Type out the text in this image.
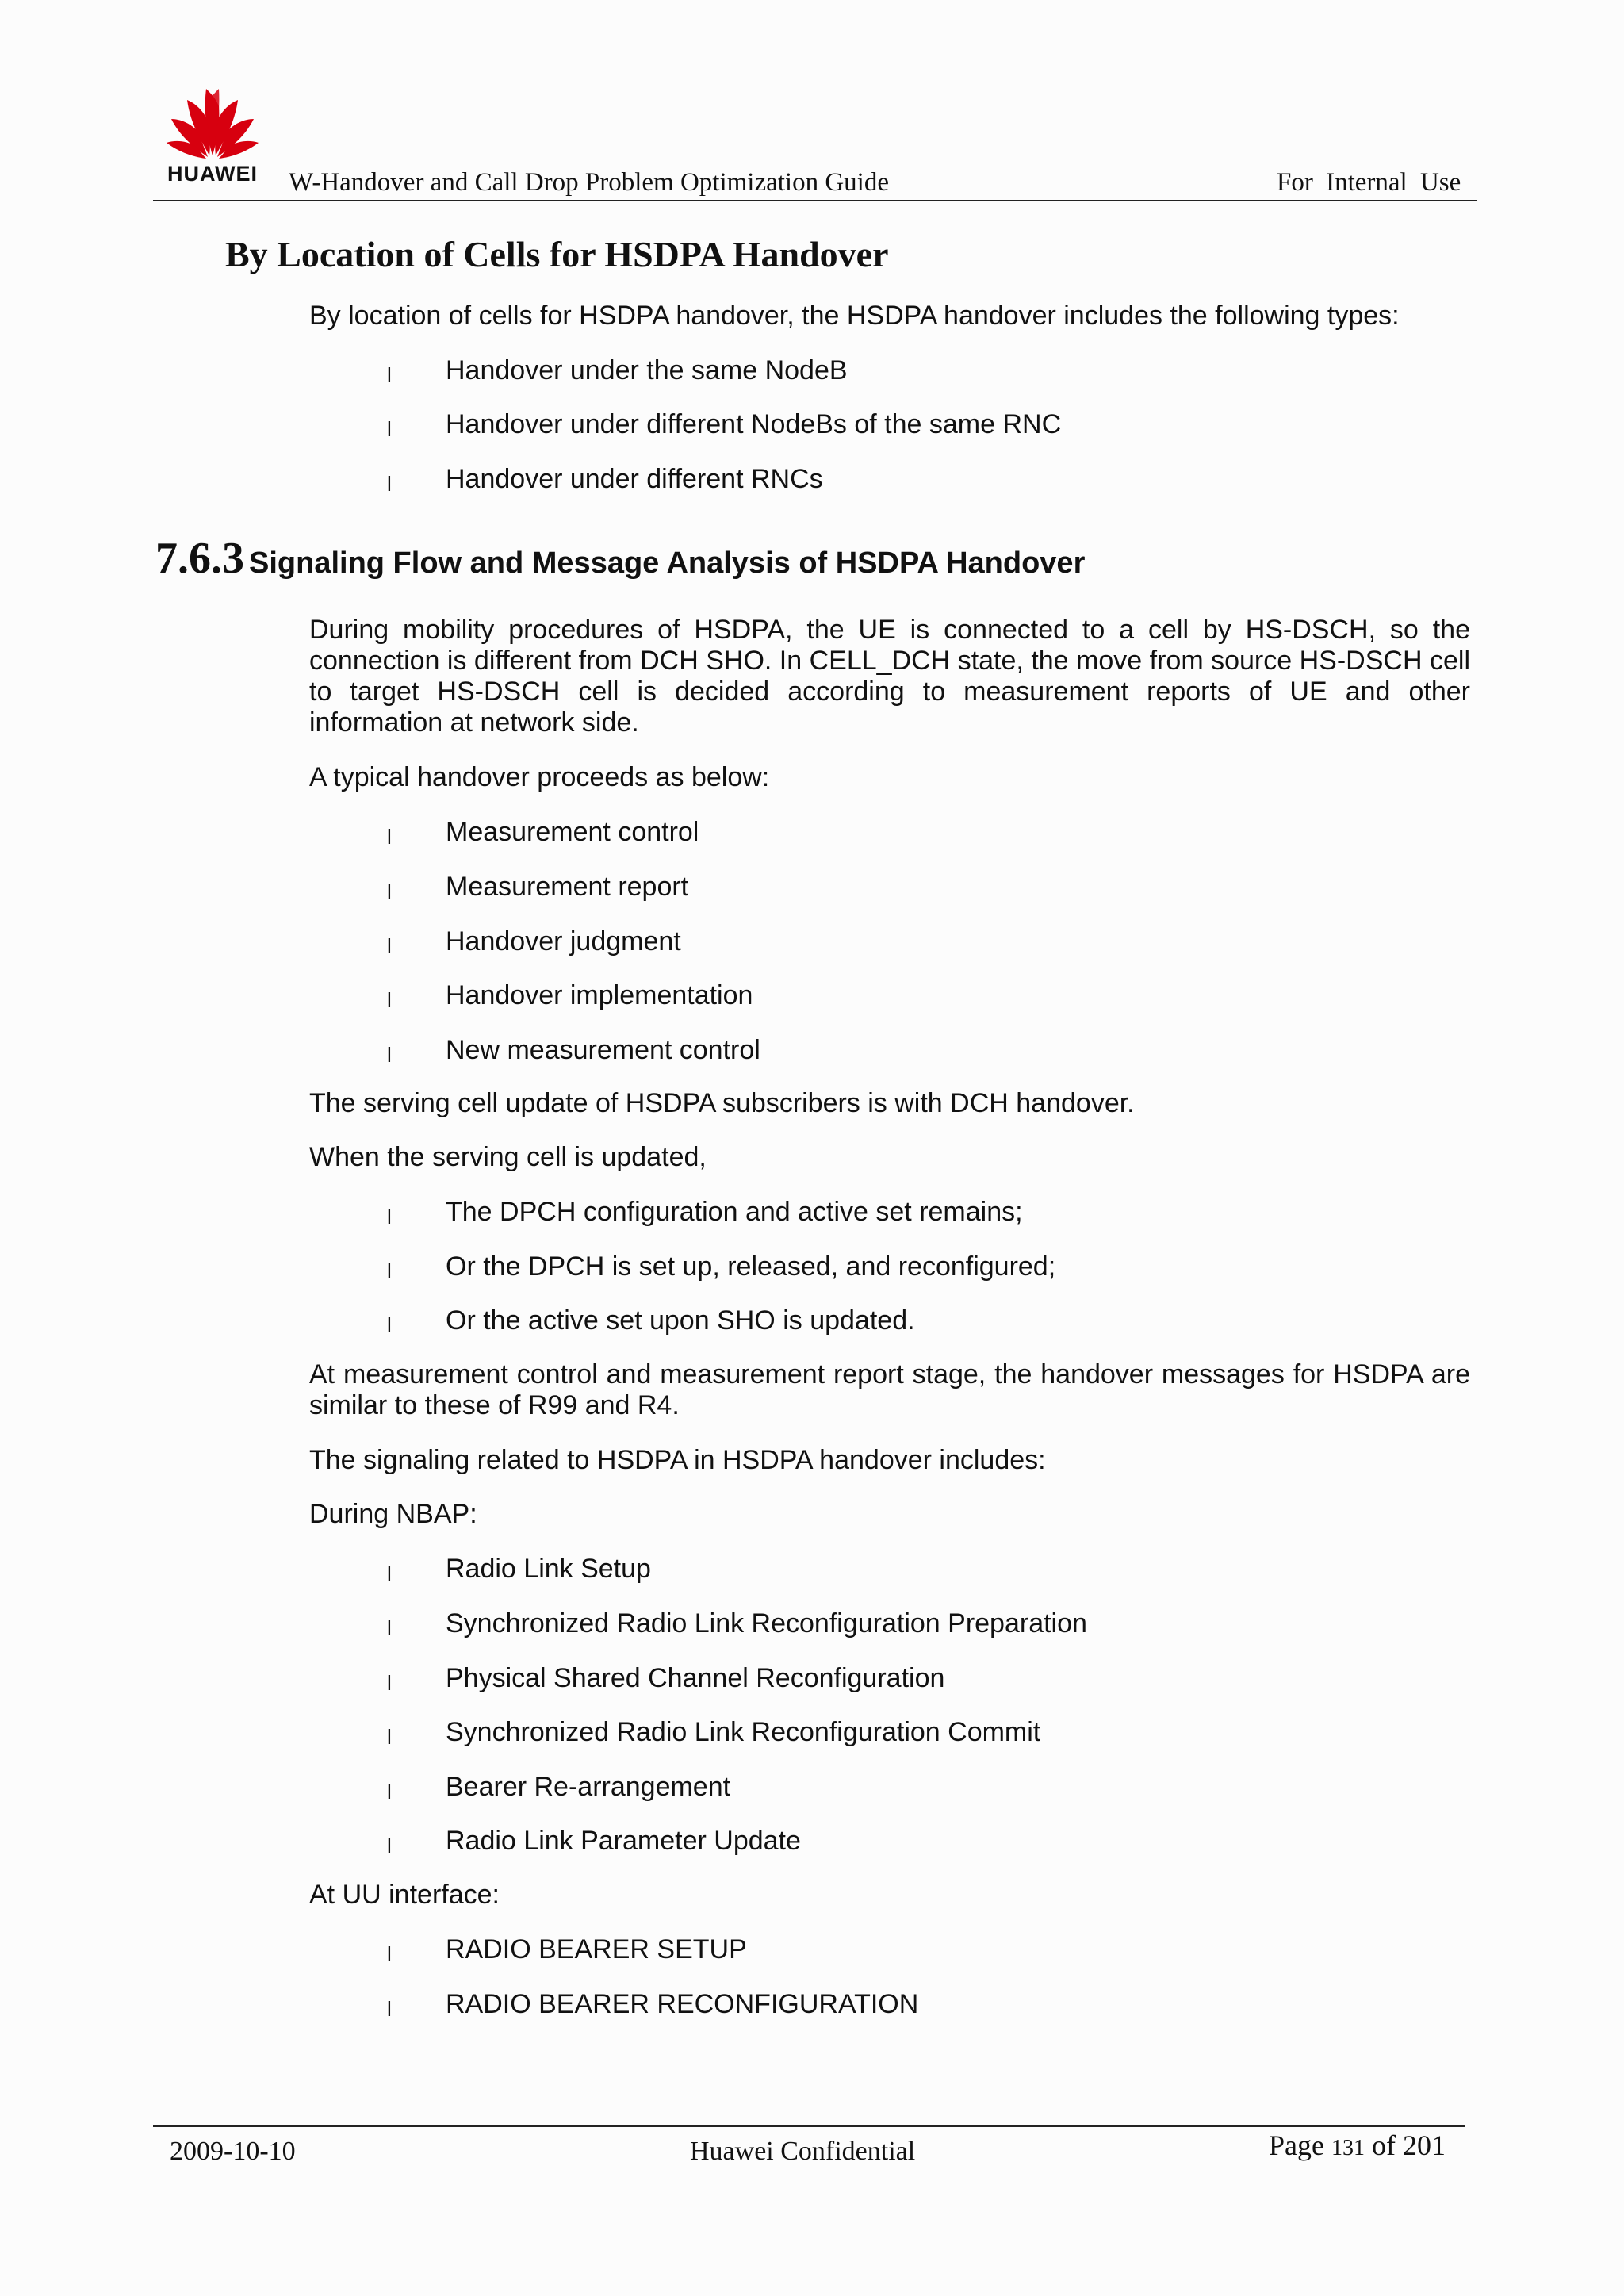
HUAWEI	W-Handover and Call Drop Problem Optimization Guide	For Internal Use
By Location of Cells for HSDPA Handover
By location of cells for HSDPA handover, the HSDPA handover includes the following types:
l Handover under the same NodeB
l Handover under different NodeBs of the same RNC
l Handover under different RNCs
7.6.3 Signaling Flow and Message Analysis of HSDPA Handover
During mobility procedures of HSDPA, the UE is connected to a cell by HS-DSCH, so the connection is different from DCH SHO. In CELL_DCH state, the move from source HS-DSCH cell to target HS-DSCH cell is decided according to measurement reports of UE and other information at network side.
A typical handover proceeds as below:
l Measurement control
l Measurement report
l Handover judgment
l Handover implementation
l New measurement control
The serving cell update of HSDPA subscribers is with DCH handover.
When the serving cell is updated,
l The DPCH configuration and active set remains;
l Or the DPCH is set up, released, and reconfigured;
l Or the active set upon SHO is updated.
At measurement control and measurement report stage, the handover messages for HSDPA are similar to these of R99 and R4.
The signaling related to HSDPA in HSDPA handover includes:
During NBAP:
l Radio Link Setup
l Synchronized Radio Link Reconfiguration Preparation
l Physical Shared Channel Reconfiguration
l Synchronized Radio Link Reconfiguration Commit
l Bearer Re-arrangement
l Radio Link Parameter Update
At UU interface:
l RADIO BEARER SETUP
l RADIO BEARER RECONFIGURATION
2009-10-10	Huawei Confidential	Page 131 of 201
